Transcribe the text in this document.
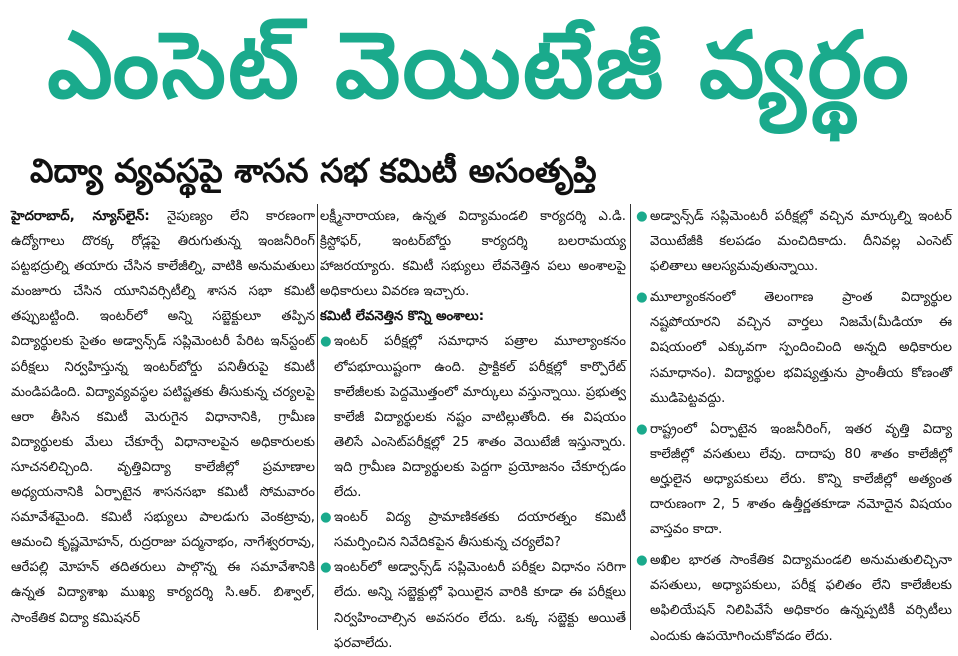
ఎంసెట్ వెయిటేజీ వ్యర్థం
విద్యా వ్యవస్థపై శాసన సభ కమిటీ అసంతృప్తి

హైదరాబాద్, న్యూస్‌లైన్: నైపుణ్యం లేని కారణంగా ఉద్యోగాలు దొరక్క రోడ్లపై తిరుగుతున్న ఇంజనీరింగ్ పట్టభద్రుల్ని తయారు చేసిన కాలేజీల్ని, వాటికి అనుమతులు మంజూరు చేసిన యూనివర్సిటీల్ని శాసన సభా కమిటీ తప్పుబట్టింది. ఇంటర్‌లో అన్ని సబ్జెక్టులూ తప్పిన విద్యార్థులకు సైతం అడ్వాన్స్‌డ్ సప్లిమెంటరీ పేరిట ఇన్‌స్టంట్ పరీక్షలు నిర్వహిస్తున్న ఇంటర్‌బోర్డు పనితీరుపై కమిటీ మండిపడింది. విద్యావ్యవస్థల పటిష్టతకు తీసుకున్న చర్యలపై ఆరా తీసిన కమిటీ మెరుగైన విధానానికి, గ్రామీణ విద్యార్థులకు మేలు చేకూర్చే విధానాలపైన అధికారులకు సూచనలిచ్చింది. వృత్తివిద్యా కాలేజీల్లో ప్రమాణాల అధ్యయనానికి ఏర్పాటైన శాసనసభా కమిటీ సోమవారం సమావేశమైంది. కమిటీ సభ్యులు పాలడుగు వెంకట్రావు, ఆమంచి కృష్ణమోహన్, రుద్రరాజు పద్మనాభం, నాగేశ్వరరావు, ఆరేపల్లి మోహన్ తదితరులు పాల్గొన్న ఈ సమావేశానికి ఉన్నత విద్యాశాఖ ముఖ్య కార్యదర్శి సి.ఆర్. బిశ్వాల్, సాంకేతిక విద్యా కమిషనర్

లక్ష్మీనారాయణ, ఉన్నత విద్యామండలి కార్యదర్శి ఎ.డి. క్రిస్టోఫర్, ఇంటర్‌బోర్డు కార్యదర్శి బలరామయ్య హాజరయ్యారు. కమిటీ సభ్యులు లేవనెత్తిన పలు అంశాలపై అధికారులు వివరణ ఇచ్చారు.

కమిటీ లేవనెత్తిన కొన్ని అంశాలు:

● ఇంటర్ పరీక్షల్లో సమాధాన పత్రాల మూల్యాంకనం లోపభూయిష్టంగా ఉంది. ప్రాక్టికల్ పరీక్షల్లో కార్పొరేట్ కాలేజీలకు పెద్దమొత్తంలో మార్కులు వస్తున్నాయి. ప్రభుత్వ కాలేజీ విద్యార్థులకు నష్టం వాటిల్లుతోంది. ఈ విషయం తెలిసే ఎంసెట్‌పరీక్షల్లో 25 శాతం వెయిటేజీ ఇస్తున్నారు. ఇది గ్రామీణ విద్యార్థులకు పెద్దగా ప్రయోజనం చేకూర్చడం లేదు.

● ఇంటర్ విద్య ప్రామాణికతకు దయారత్నం కమిటీ సమర్పించిన నివేదికపైన తీసుకున్న చర్యలేవి?

● ఇంటర్‌లో అడ్వాన్స్‌డ్ సప్లిమెంటరీ పరీక్షల విధానం సరిగా లేదు. అన్ని సబ్జెక్టుల్లో ఫెయిలైన వారికి కూడా ఈ పరీక్షలు నిర్వహించాల్సిన అవసరం లేదు. ఒక్క సబ్జెక్టు అయితే ఫరవాలేదు.

● అడ్వాన్స్‌డ్ సప్లిమెంటరీ పరీక్షల్లో వచ్చిన మార్కుల్ని ఇంటర్ వెయిటేజీకి కలపడం మంచిదికాదు. దీనివల్ల ఎంసెట్ ఫలితాలు ఆలస్యమవుతున్నాయి.

● మూల్యాంకనంలో తెలంగాణ ప్రాంత విద్యార్థుల నష్టపోయారని వచ్చిన వార్తలు నిజమే(మీడియా ఈ విషయంలో ఎక్కువగా స్పందించింది అన్నది అధికారుల సమాధానం). విద్యార్థుల భవిష్యత్తును ప్రాంతీయ కోణంతో ముడిపెట్టవద్దు.

● రాష్ట్రంలో ఏర్పాటైన ఇంజనీరింగ్, ఇతర వృత్తి విద్యా కాలేజీల్లో వసతులు లేవు. దాదాపు 80 శాతం కాలేజీల్లో అర్హులైన అధ్యాపకులు లేరు. కొన్ని కాలేజీల్లో అత్యంత దారుణంగా 2, 5 శాతం ఉత్తీర్ణతకూడా నమోదైన విషయం వాస్తవం కాదా.

● అఖిల భారత సాంకేతిక విద్యామండలి అనుమతులిచ్చినా వసతులు, అధ్యాపకులు, పరీక్ష ఫలితం లేని కాలేజీలకు అఫిలియేషన్ నిలిపివేసే అధికారం ఉన్నప్పటికీ వర్సిటీలు ఎందుకు ఉపయోగించుకోవడం లేదు.
